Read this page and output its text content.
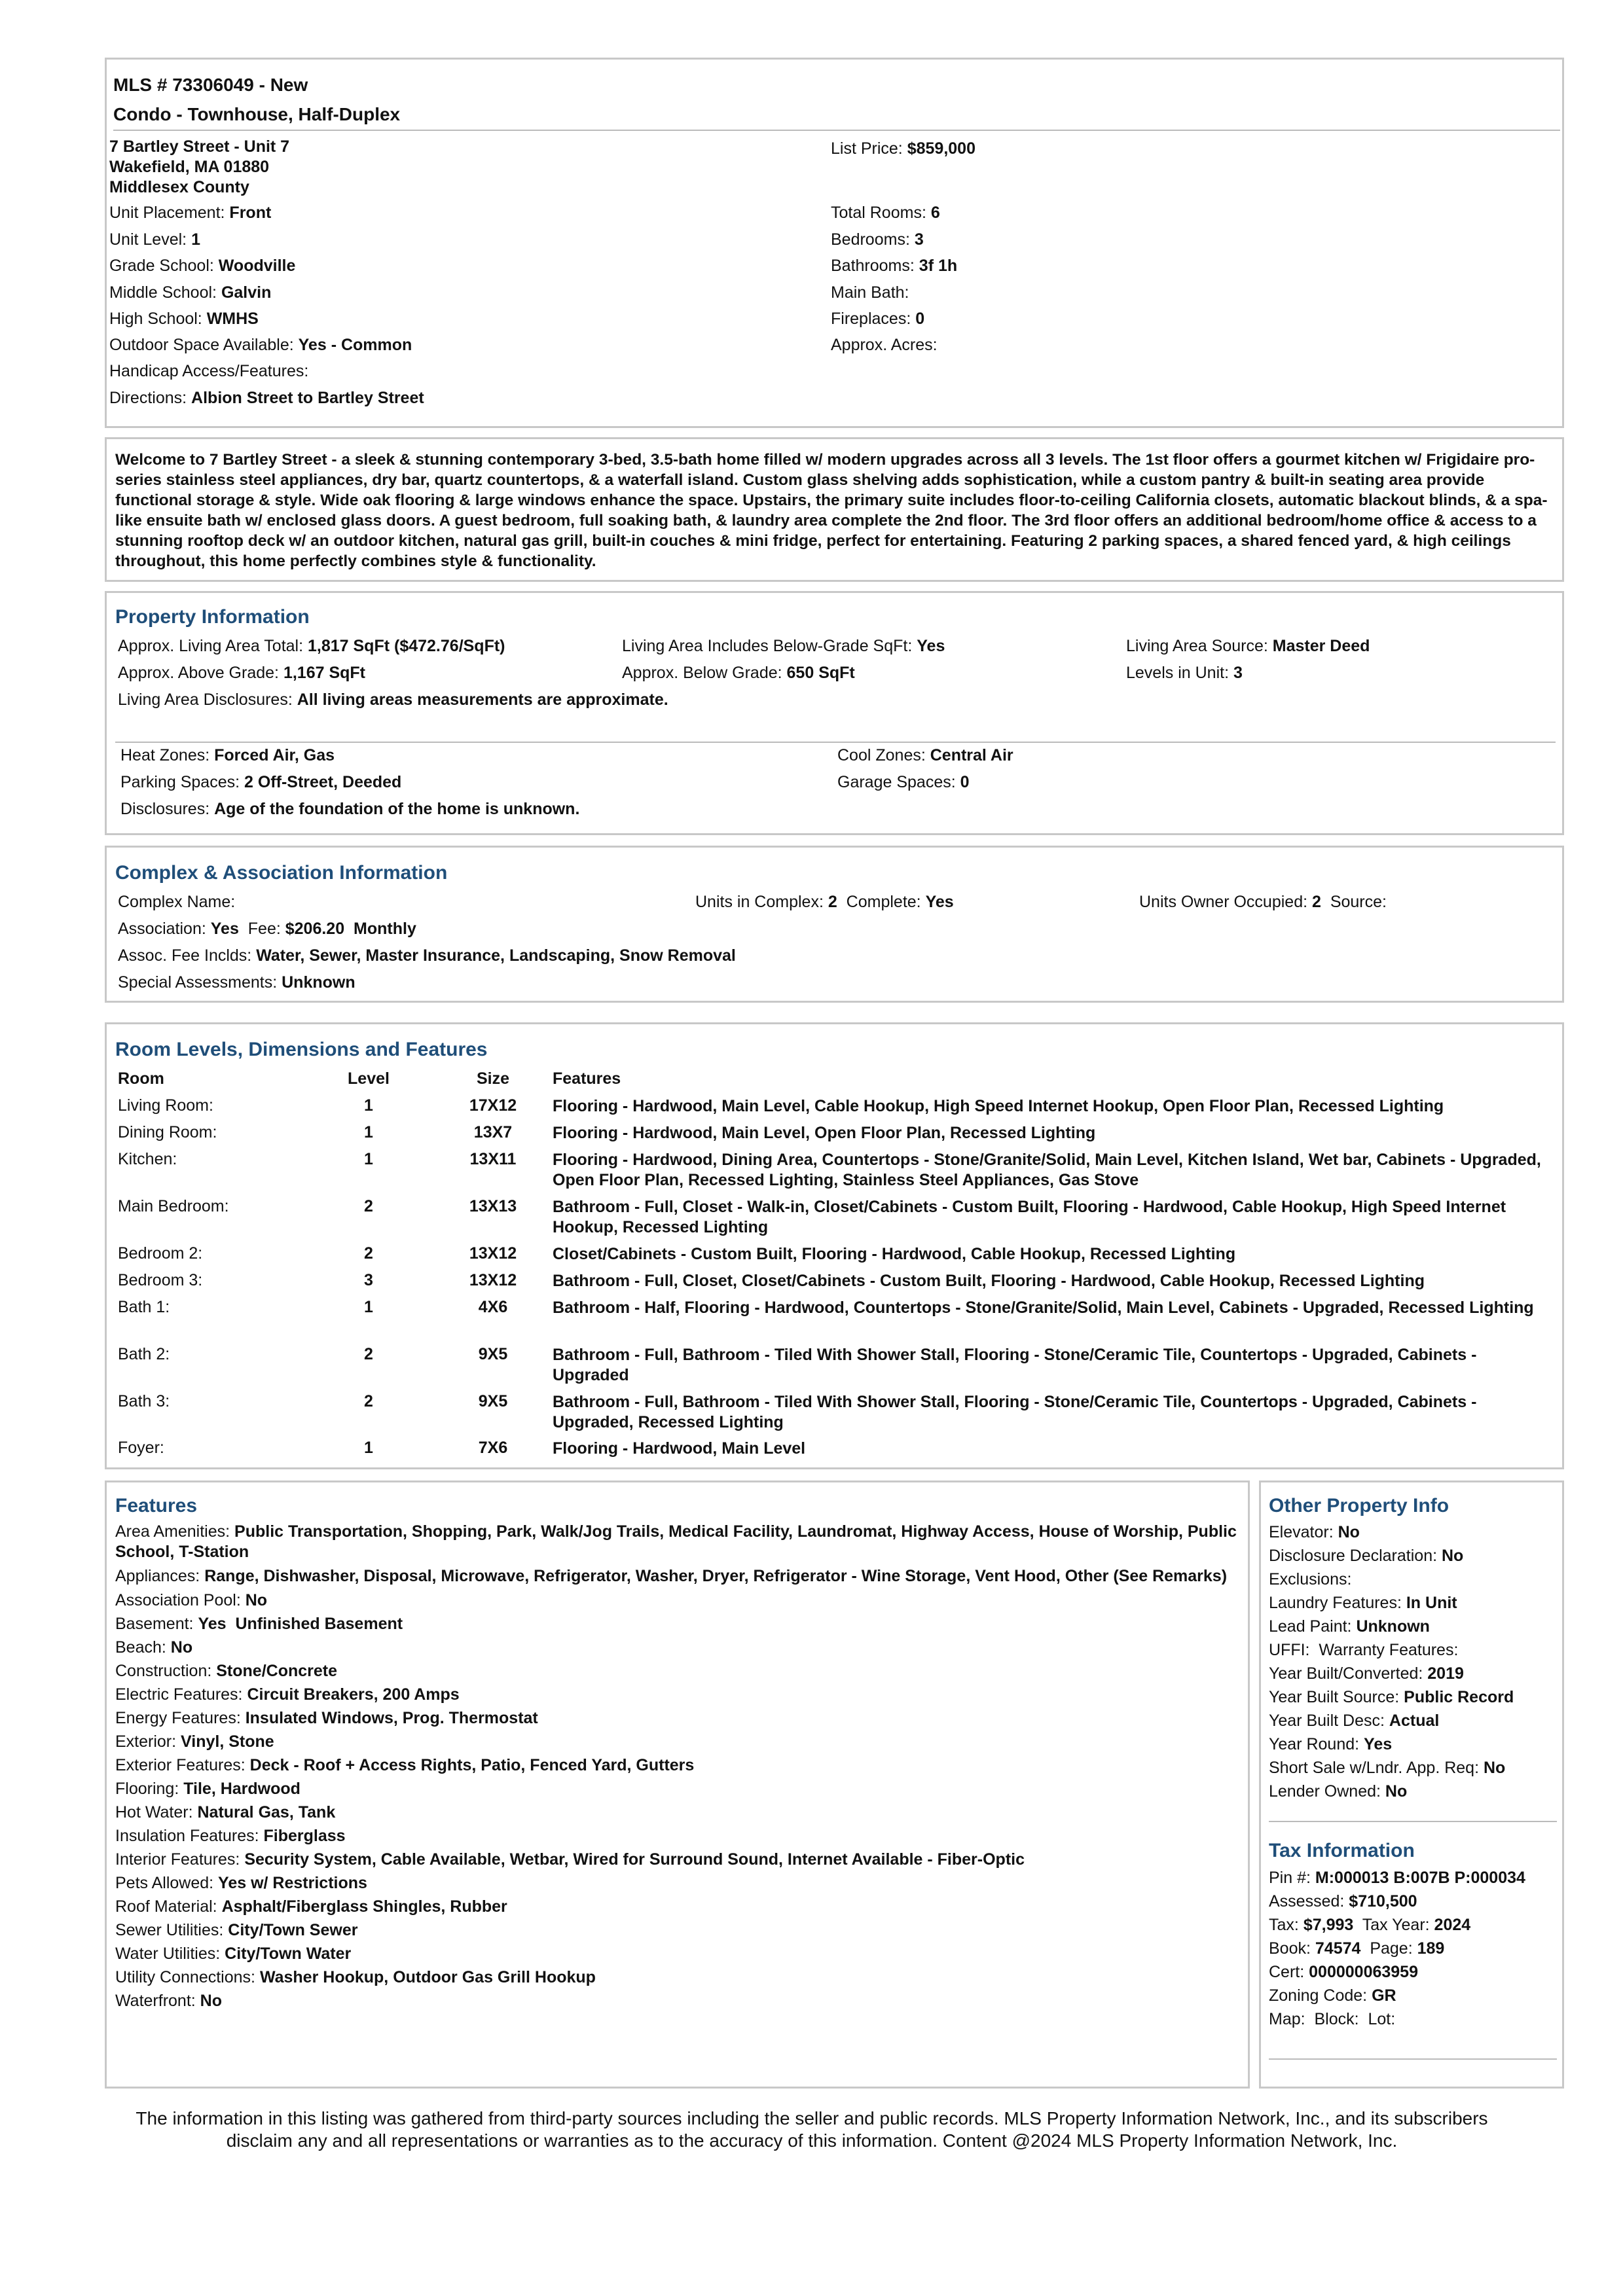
MLS # 73306049 - New
Condo - Townhouse, Half-Duplex
7 Bartley Street - Unit 7
Wakefield, MA 01880
Middlesex County
List Price: $859,000
Unit Placement: Front
Unit Level: 1
Grade School: Woodville
Middle School: Galvin
High School: WMHS
Outdoor Space Available: Yes - Common
Handicap Access/Features:
Directions: Albion Street to Bartley Street
Total Rooms: 6
Bedrooms: 3
Bathrooms: 3f 1h
Main Bath:
Fireplaces: 0
Approx. Acres:
Welcome to 7 Bartley Street - a sleek & stunning contemporary 3-bed, 3.5-bath home filled w/ modern upgrades across all 3 levels. The 1st floor offers a gourmet kitchen w/ Frigidaire pro-series stainless steel appliances, dry bar, quartz countertops, & a waterfall island. Custom glass shelving adds sophistication, while a custom pantry & built-in seating area provide functional storage & style. Wide oak flooring & large windows enhance the space. Upstairs, the primary suite includes floor-to-ceiling California closets, automatic blackout blinds, & a spa-like ensuite bath w/ enclosed glass doors. A guest bedroom, full soaking bath, & laundry area complete the 2nd floor. The 3rd floor offers an additional bedroom/home office & access to a stunning rooftop deck w/ an outdoor kitchen, natural gas grill, built-in couches & mini fridge, perfect for entertaining. Featuring 2 parking spaces, a shared fenced yard, & high ceilings throughout, this home perfectly combines style & functionality.
Property Information
Approx. Living Area Total: 1,817 SqFt ($472.76/SqFt)	Living Area Includes Below-Grade SqFt: Yes	Living Area Source: Master Deed
Approx. Above Grade: 1,167 SqFt	Approx. Below Grade: 650 SqFt	Levels in Unit: 3
Living Area Disclosures: All living areas measurements are approximate.
Heat Zones: Forced Air, Gas	Cool Zones: Central Air
Parking Spaces: 2 Off-Street, Deeded	Garage Spaces: 0
Disclosures: Age of the foundation of the home is unknown.
Complex & Association Information
Complex Name:	Units in Complex: 2 Complete: Yes	Units Owner Occupied: 2 Source:
Association: Yes Fee: $206.20 Monthly
Assoc. Fee Inclds: Water, Sewer, Master Insurance, Landscaping, Snow Removal
Special Assessments: Unknown
Room Levels, Dimensions and Features
Room	Level	Size	Features
Living Room:	1	17X12	Flooring - Hardwood, Main Level, Cable Hookup, High Speed Internet Hookup, Open Floor Plan, Recessed Lighting
Dining Room:	1	13X7	Flooring - Hardwood, Main Level, Open Floor Plan, Recessed Lighting
Kitchen:	1	13X11	Flooring - Hardwood, Dining Area, Countertops - Stone/Granite/Solid, Main Level, Kitchen Island, Wet bar, Cabinets - Upgraded, Open Floor Plan, Recessed Lighting, Stainless Steel Appliances, Gas Stove
Main Bedroom:	2	13X13	Bathroom - Full, Closet - Walk-in, Closet/Cabinets - Custom Built, Flooring - Hardwood, Cable Hookup, High Speed Internet Hookup, Recessed Lighting
Bedroom 2:	2	13X12	Closet/Cabinets - Custom Built, Flooring - Hardwood, Cable Hookup, Recessed Lighting
Bedroom 3:	3	13X12	Bathroom - Full, Closet, Closet/Cabinets - Custom Built, Flooring - Hardwood, Cable Hookup, Recessed Lighting
Bath 1:	1	4X6	Bathroom - Half, Flooring - Hardwood, Countertops - Stone/Granite/Solid, Main Level, Cabinets - Upgraded, Recessed Lighting
Bath 2:	2	9X5	Bathroom - Full, Bathroom - Tiled With Shower Stall, Flooring - Stone/Ceramic Tile, Countertops - Upgraded, Cabinets - Upgraded
Bath 3:	2	9X5	Bathroom - Full, Bathroom - Tiled With Shower Stall, Flooring - Stone/Ceramic Tile, Countertops - Upgraded, Cabinets - Upgraded, Recessed Lighting
Foyer:	1	7X6	Flooring - Hardwood, Main Level
Features
Area Amenities: Public Transportation, Shopping, Park, Walk/Jog Trails, Medical Facility, Laundromat, Highway Access, House of Worship, Public School, T-Station
Appliances: Range, Dishwasher, Disposal, Microwave, Refrigerator, Washer, Dryer, Refrigerator - Wine Storage, Vent Hood, Other (See Remarks)
Association Pool: No
Basement: Yes  Unfinished Basement
Beach: No
Construction: Stone/Concrete
Electric Features: Circuit Breakers, 200 Amps
Energy Features: Insulated Windows, Prog. Thermostat
Exterior: Vinyl, Stone
Exterior Features: Deck - Roof + Access Rights, Patio, Fenced Yard, Gutters
Flooring: Tile, Hardwood
Hot Water: Natural Gas, Tank
Insulation Features: Fiberglass
Interior Features: Security System, Cable Available, Wetbar, Wired for Surround Sound, Internet Available - Fiber-Optic
Pets Allowed: Yes w/ Restrictions
Roof Material: Asphalt/Fiberglass Shingles, Rubber
Sewer Utilities: City/Town Sewer
Water Utilities: City/Town Water
Utility Connections: Washer Hookup, Outdoor Gas Grill Hookup
Waterfront: No
Other Property Info
Elevator: No
Disclosure Declaration: No
Exclusions:
Laundry Features: In Unit
Lead Paint: Unknown
UFFI:  Warranty Features:
Year Built/Converted: 2019
Year Built Source: Public Record
Year Built Desc: Actual
Year Round: Yes
Short Sale w/Lndr. App. Req: No
Lender Owned: No
Tax Information
Pin #: M:000013 B:007B P:000034
Assessed: $710,500
Tax: $7,993 Tax Year: 2024
Book: 74574 Page: 189
Cert: 000000063959
Zoning Code: GR
Map:  Block:  Lot:
The information in this listing was gathered from third-party sources including the seller and public records. MLS Property Information Network, Inc., and its subscribers disclaim any and all representations or warranties as to the accuracy of this information. Content @2024 MLS Property Information Network, Inc.
